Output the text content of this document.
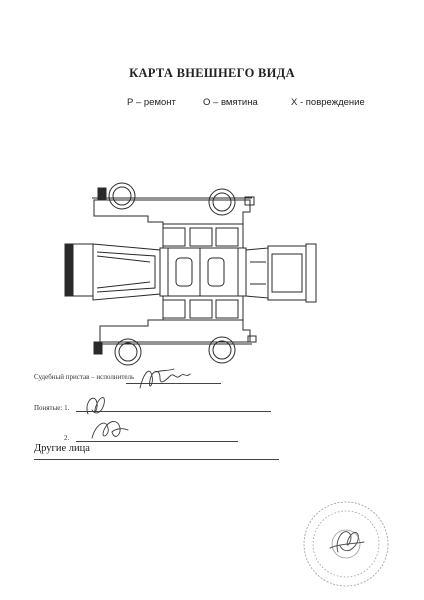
КАРТА ВНЕШНЕГО ВИДА
Р – ремонт	О – вмятина	Х - повреждение
Судебный пристав – исполнитель
Понятые: 1.
2.
Другие лица
